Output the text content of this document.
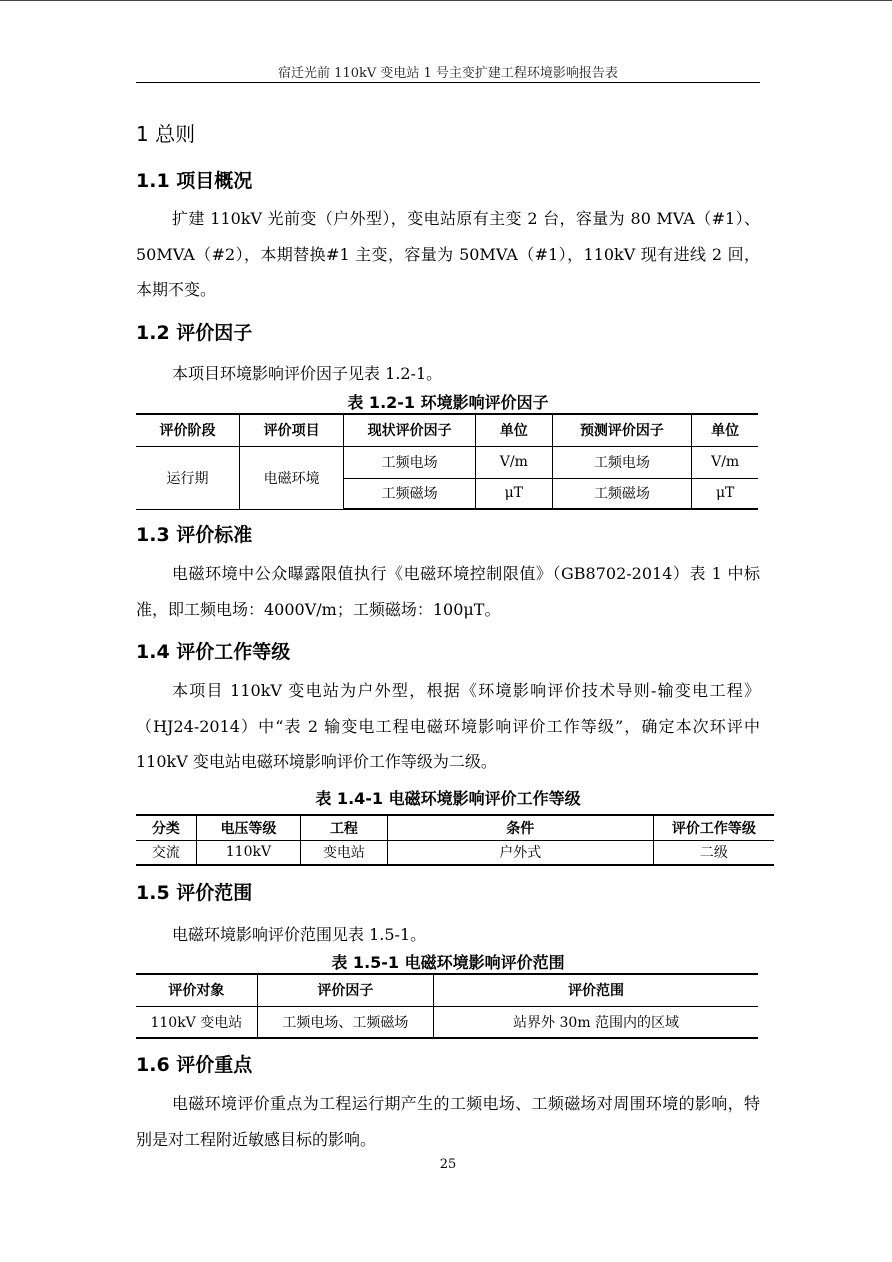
宿迁光前 110kV 变电站 1 号主变扩建工程环境影响报告表
1 总则
1.1 项目概况
扩建 110kV 光前变（户外型），变电站原有主变 2 台，容量为 80 MVA（#1）、50MVA（#2），本期替换#1 主变，容量为 50MVA（#1），110kV 现有进线 2 回，本期不变。
1.2 评价因子
本项目环境影响评价因子见表 1.2-1。
表 1.2-1 环境影响评价因子
评价阶段	评价项目	现状评价因子	单位	预测评价因子	单位
运行期	电磁环境	工频电场	V/m	工频电场	V/m
		工频磁场	μT	工频磁场	μT
1.3 评价标准
电磁环境中公众曝露限值执行《电磁环境控制限值》（GB8702-2014）表 1 中标准，即工频电场：4000V/m；工频磁场：100μT。
1.4 评价工作等级
本项目 110kV 变电站为户外型，根据《环境影响评价技术导则-输变电工程》（HJ24-2014）中“表 2 输变电工程电磁环境影响评价工作等级”，确定本次环评中 110kV 变电站电磁环境影响评价工作等级为二级。
表 1.4-1 电磁环境影响评价工作等级
分类	电压等级	工程	条件	评价工作等级
交流	110kV	变电站	户外式	二级
1.5 评价范围
电磁环境影响评价范围见表 1.5-1。
表 1.5-1 电磁环境影响评价范围
评价对象	评价因子	评价范围
110kV 变电站	工频电场、工频磁场	站界外 30m 范围内的区域
1.6 评价重点
电磁环境评价重点为工程运行期产生的工频电场、工频磁场对周围环境的影响，特别是对工程附近敏感目标的影响。
25
